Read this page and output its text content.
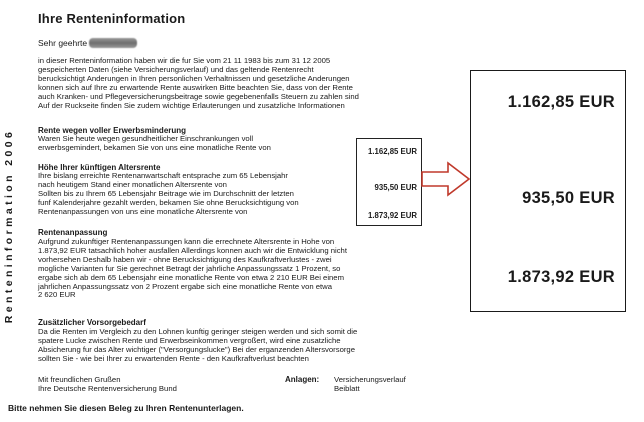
Ihre Renteninformation
Sehr geehrte
Renteninformation 2006
in dieser Renteninformation haben wir die fur Sie vom 21 11 1983 bis zum 31 12 2005
gespeicherten Daten (siehe Versicherungsverlauf) und das geltende Rentenrecht
berucksichtigt Anderungen in Ihren personlichen Verhaltnissen und gesetzliche Anderungen
konnen sich auf Ihre zu erwartende Rente auswirken Bitte beachten Sie, dass von der Rente
auch Kranken- und Pflegeversicherungsbeitrage sowie gegebenenfalls Steuern zu zahlen sind
Auf der Ruckseite finden Sie zudem wichtige Erlauterungen und zusatzliche Informationen
Rente wegen voller Erwerbsminderung
Waren Sie heute wegen gesundheitlicher Einschrankungen voll
erwerbsgemindert, bekamen Sie von uns eine monatliche Rente von
Höhe Ihrer künftigen Altersrente
Ihre bislang erreichte Rentenanwartschaft entsprache zum 65 Lebensjahr
nach heutigem Stand einer monatlichen Altersrente von
Sollten bis zu Ihrem 65 Lebensjahr Beitrage wie im Durchschnitt der letzten
funf Kalenderjahre gezahlt werden, bekamen Sie ohne Berucksichtigung von
Rentenanpassungen von uns eine monatliche Altersrente von
Rentenanpassung
Aufgrund zukunftiger Rentenanpassungen kann die errechnete Altersrente in Hohe von
1.873,92 EUR tatsachlich hoher ausfallen Allerdings konnen auch wir die Entwicklung nicht
vorhersehen Deshalb haben wir - ohne Berucksichtigung des Kaufkraftverlustes - zwei
mogliche Varianten fur Sie gerechnet Betragt der jahrliche Anpassungssatz 1 Prozent, so
ergabe sich ab dem 65 Lebensjahr eine monatliche Rente von etwa 2 210 EUR Bei einem
jahrlichen Anpassungssatz von 2 Prozent ergabe sich eine monatliche Rente von etwa
2 620 EUR
Zusätzlicher Vorsorgebedarf
Da die Renten im Vergleich zu den Lohnen kunftig geringer steigen werden und sich somit die
spatere Lucke zwischen Rente und Erwerbseinkommen vergroßert, wird eine zusatzliche
Absicherung fur das Alter wichtiger ("Versorgungslucke") Bei der erganzenden Altersvorsorge
sollten Sie - wie bei Ihrer zu erwartenden Rente - den Kaufkraftverlust beachten
1.162,85 EUR
935,50 EUR
1.873,92 EUR
1.162,85 EUR
935,50 EUR
1.873,92 EUR
Mit freundlichen Grußen
Ihre Deutsche Rentenversicherung Bund
Anlagen: Versicherungsverlauf
Beiblatt
Bitte nehmen Sie diesen Beleg zu Ihren Rentenunterlagen.
